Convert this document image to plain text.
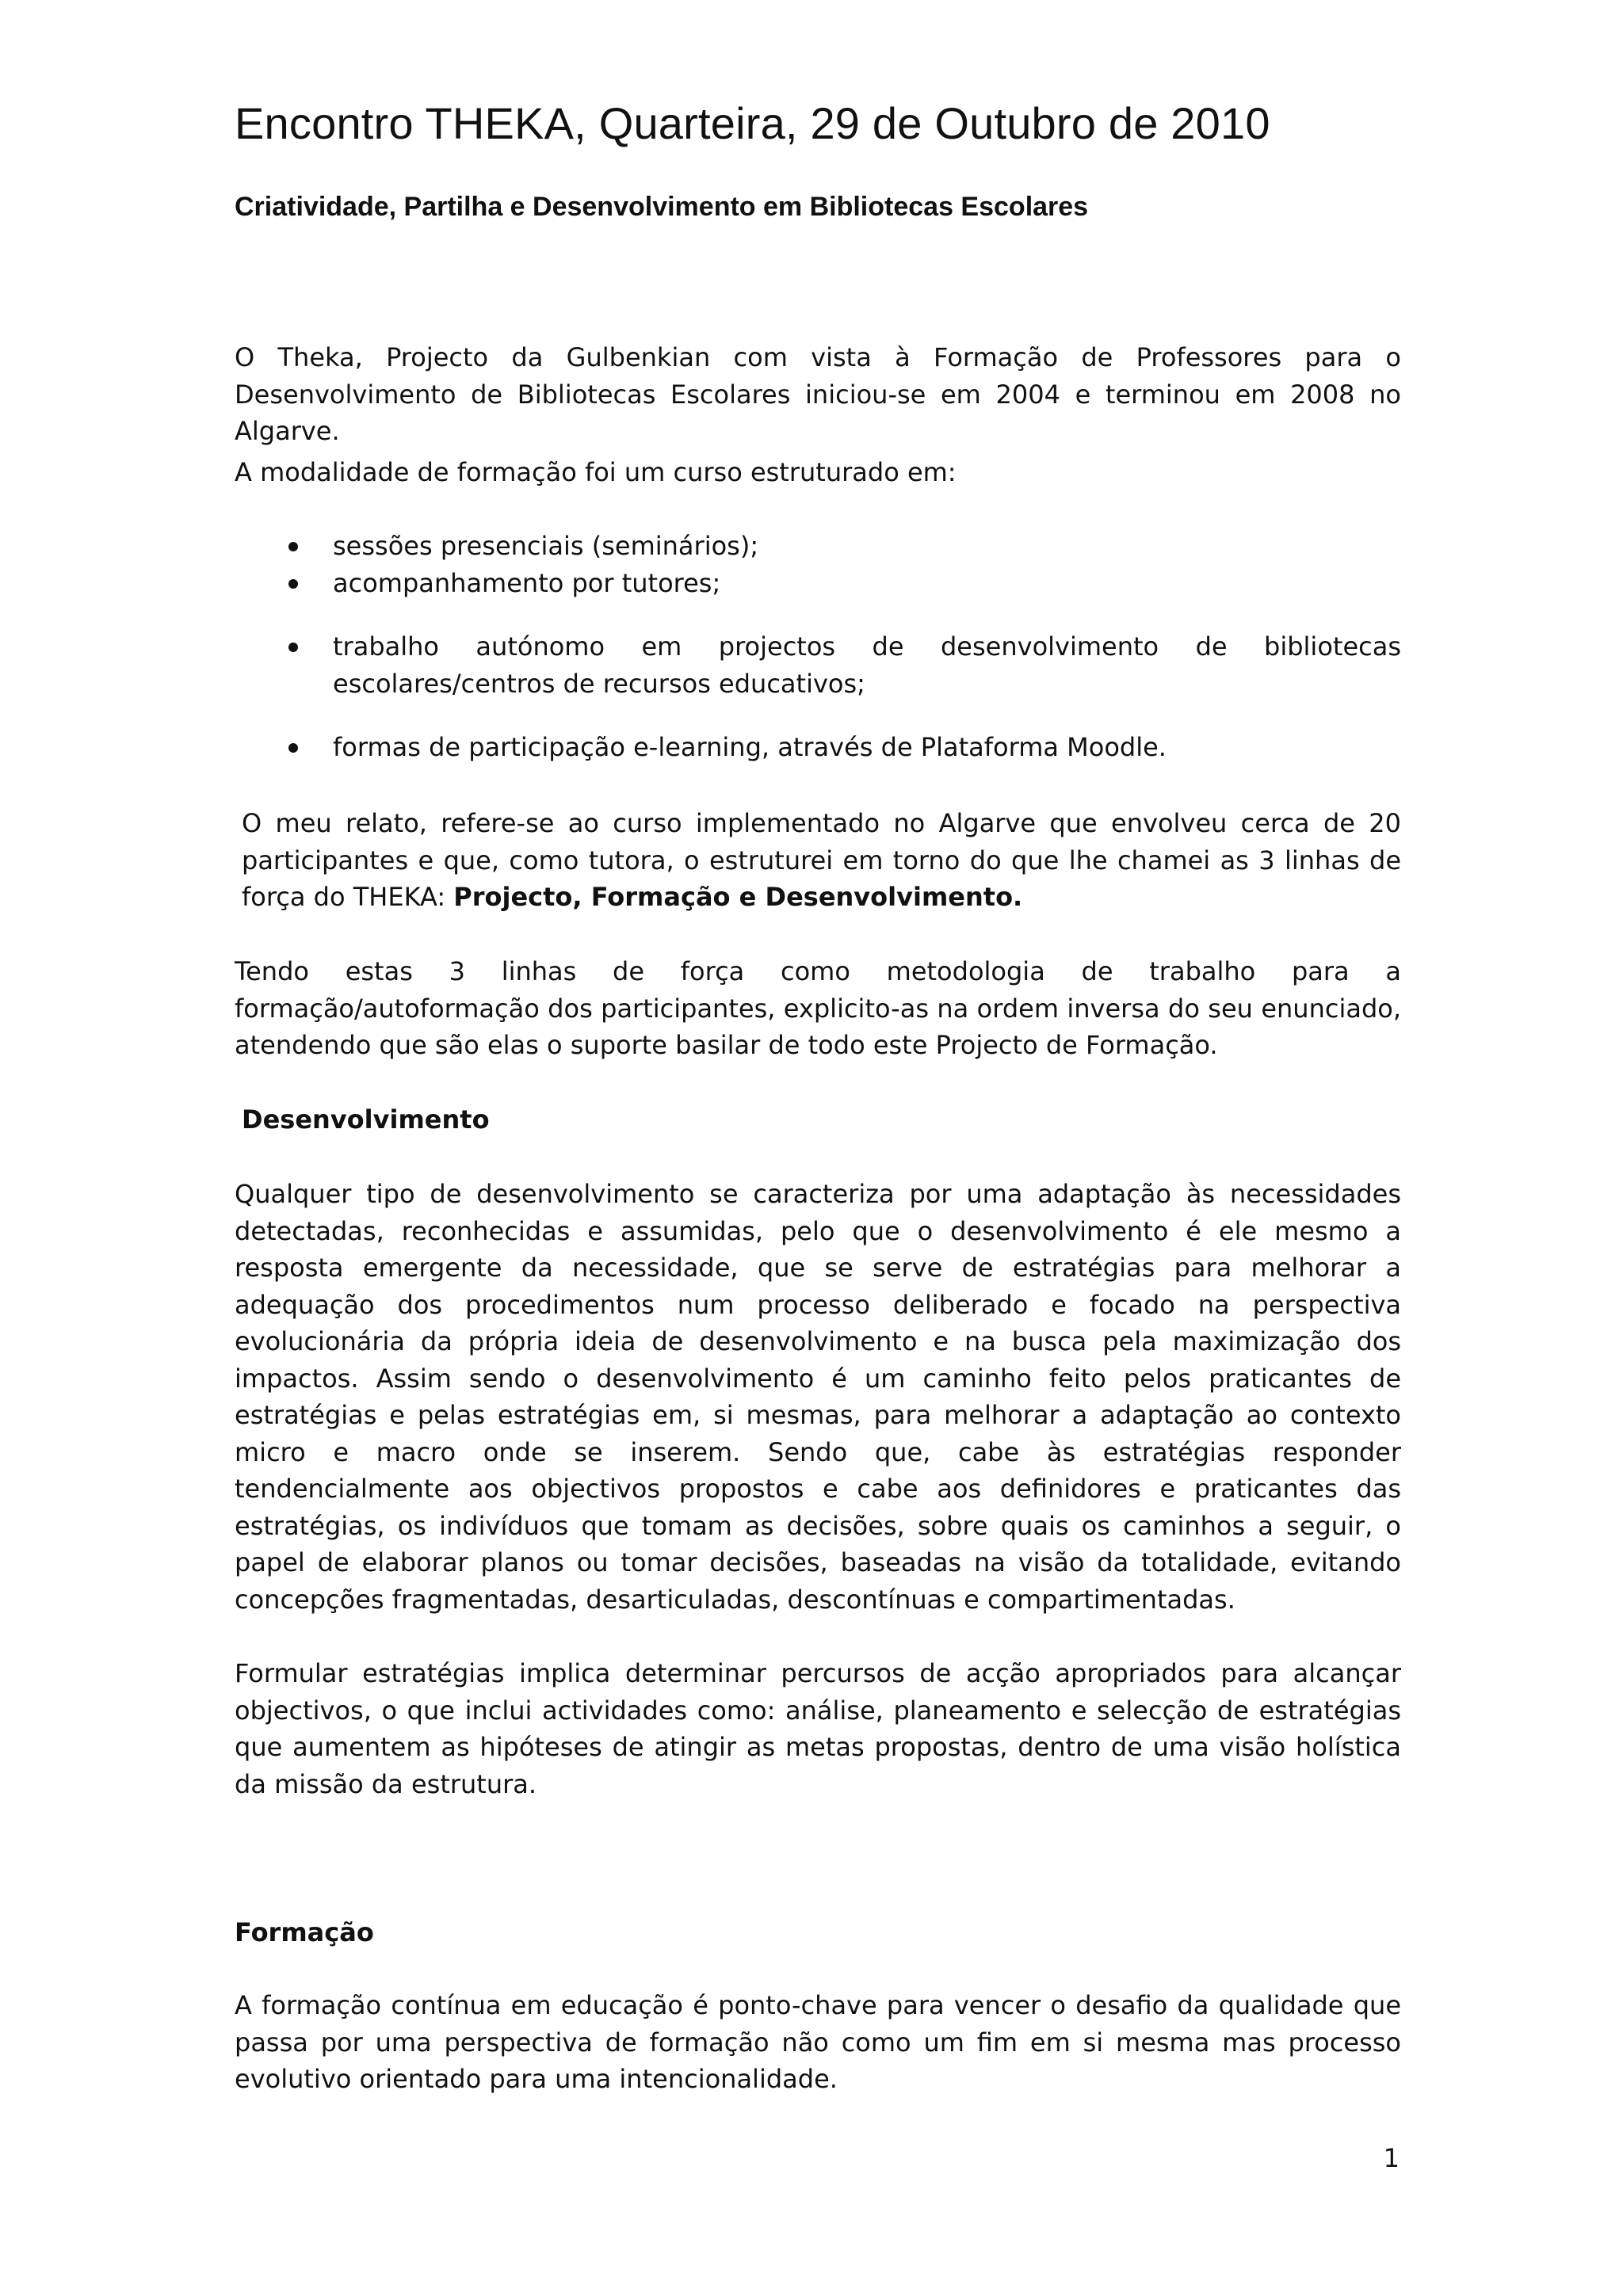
Encontro THEKA, Quarteira, 29 de Outubro de 2010
Criatividade, Partilha e Desenvolvimento em Bibliotecas Escolares

O Theka, Projecto da Gulbenkian com vista à Formação de Professores para o Desenvolvimento de Bibliotecas Escolares iniciou-se em 2004 e terminou em 2008 no Algarve.

A modalidade de formação foi um curso estruturado em:

sessões presenciais (seminários);
acompanhamento por tutores;
trabalho autónomo em projectos de desenvolvimento de bibliotecas escolares/centros de recursos educativos;
formas de participação e-learning, através de Plataforma Moodle.

O meu relato, refere-se ao curso implementado no Algarve que envolveu cerca de 20 participantes e que, como tutora, o estruturei em torno do que lhe chamei as 3 linhas de força do THEKA: Projecto, Formação e Desenvolvimento.

Tendo estas 3 linhas de força como metodologia de trabalho para a formação/autoformação dos participantes, explicito-as na ordem inversa do seu enunciado, atendendo que são elas o suporte basilar de todo este Projecto de Formação.

Desenvolvimento

Qualquer tipo de desenvolvimento se caracteriza por uma adaptação às necessidades detectadas, reconhecidas e assumidas, pelo que o desenvolvimento é ele mesmo a resposta emergente da necessidade, que se serve de estratégias para melhorar a adequação dos procedimentos num processo deliberado e focado na perspectiva evolucionária da própria ideia de desenvolvimento e na busca pela maximização dos impactos. Assim sendo o desenvolvimento é um caminho feito pelos praticantes de estratégias e pelas estratégias em, si mesmas, para melhorar a adaptação ao contexto micro e macro onde se inserem. Sendo que, cabe às estratégias responder tendencialmente aos objectivos propostos e cabe aos definidores e praticantes das estratégias, os indivíduos que tomam as decisões, sobre quais os caminhos a seguir, o papel de elaborar planos ou tomar decisões, baseadas na visão da totalidade, evitando concepções fragmentadas, desarticuladas, descontínuas e compartimentadas.

Formular estratégias implica determinar percursos de acção apropriados para alcançar objectivos, o que inclui actividades como: análise, planeamento e selecção de estratégias que aumentem as hipóteses de atingir as metas propostas, dentro de uma visão holística da missão da estrutura.

Formação

A formação contínua em educação é ponto-chave para vencer o desafio da qualidade que passa por uma perspectiva de formação não como um fim em si mesma mas processo evolutivo orientado para uma intencionalidade.

1
